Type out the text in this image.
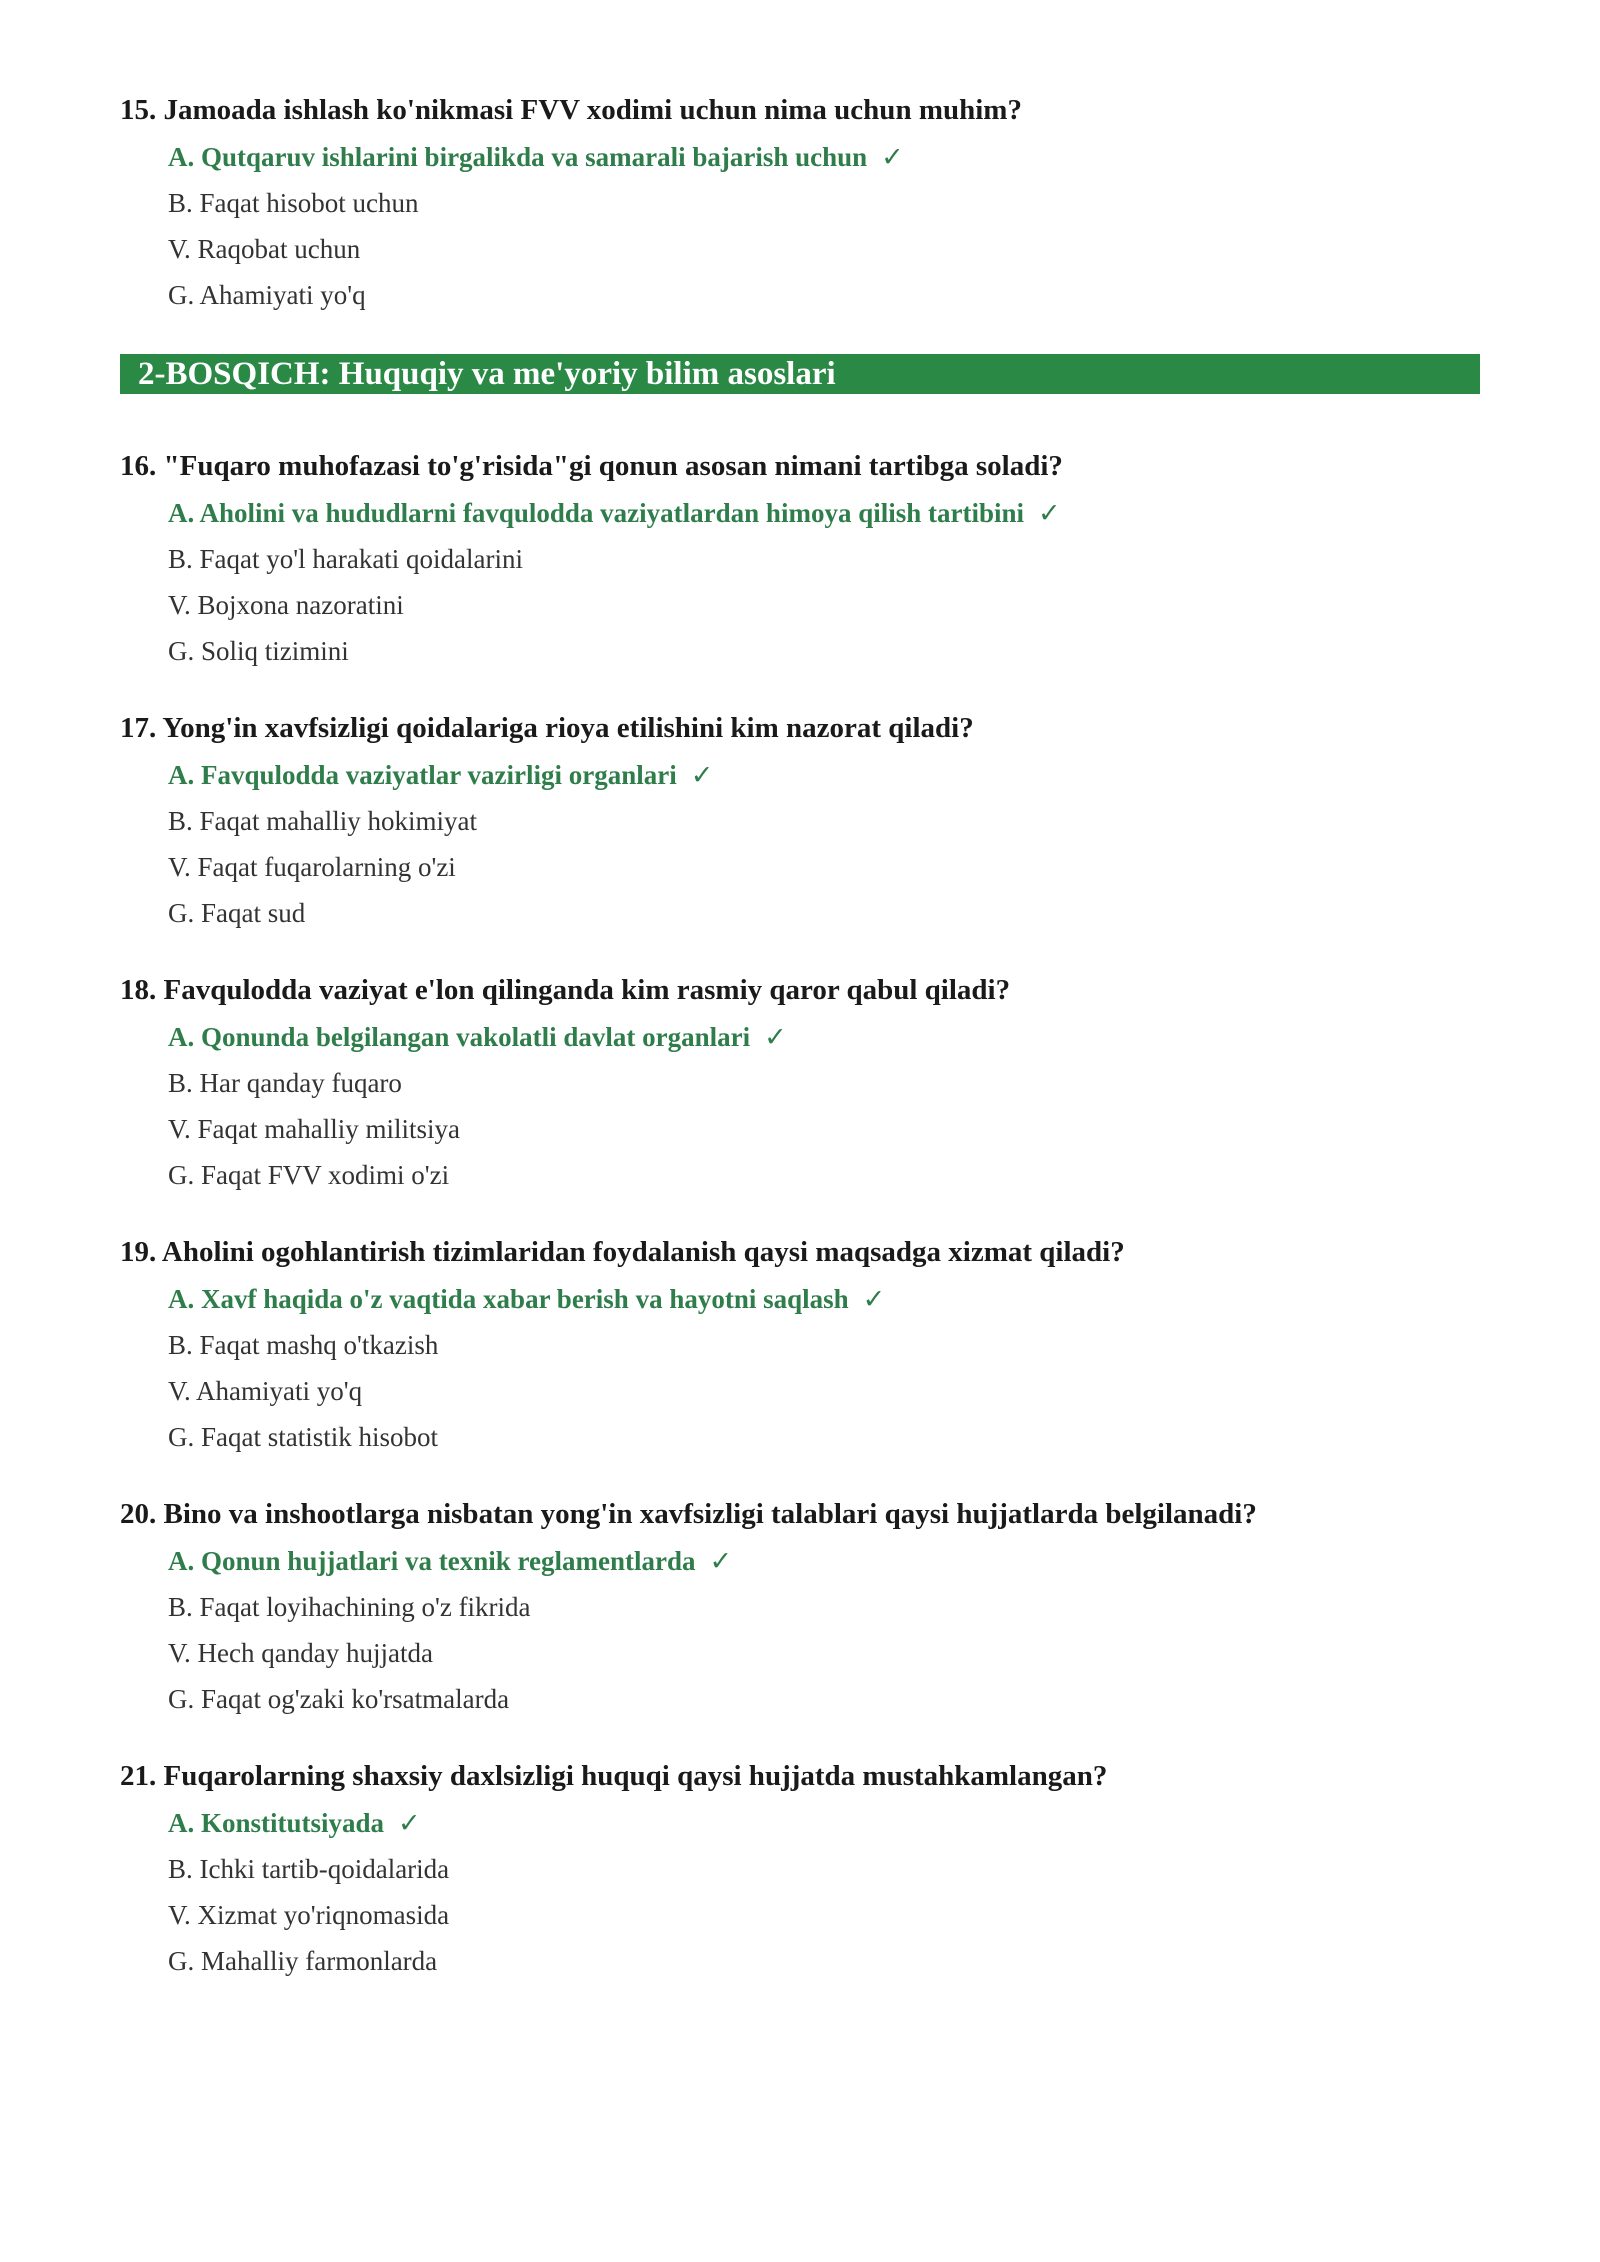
15. Jamoada ishlash ko'nikmasi FVV xodimi uchun nima uchun muhim?
A. Qutqaruv ishlarini birgalikda va samarali bajarish uchun ✓
B. Faqat hisobot uchun
V. Raqobat uchun
G. Ahamiyati yo'q
2-BOSQICH: Huquqiy va me'yoriy bilim asoslari
16. "Fuqaro muhofazasi to'g'risida"gi qonun asosan nimani tartibga soladi?
A. Aholini va hududlarni favqulodda vaziyatlardan himoya qilish tartibini ✓
B. Faqat yo'l harakati qoidalarini
V. Bojxona nazoratini
G. Soliq tizimini
17. Yong'in xavfsizligi qoidalariga rioya etilishini kim nazorat qiladi?
A. Favqulodda vaziyatlar vazirligi organlari ✓
B. Faqat mahalliy hokimiyat
V. Faqat fuqarolarning o'zi
G. Faqat sud
18. Favqulodda vaziyat e'lon qilinganda kim rasmiy qaror qabul qiladi?
A. Qonunda belgilangan vakolatli davlat organlari ✓
B. Har qanday fuqaro
V. Faqat mahalliy militsiya
G. Faqat FVV xodimi o'zi
19. Aholini ogohlantirish tizimlaridan foydalanish qaysi maqsadga xizmat qiladi?
A. Xavf haqida o'z vaqtida xabar berish va hayotni saqlash ✓
B. Faqat mashq o'tkazish
V. Ahamiyati yo'q
G. Faqat statistik hisobot
20. Bino va inshootlarga nisbatan yong'in xavfsizligi talablari qaysi hujjatlarda belgilanadi?
A. Qonun hujjatlari va texnik reglamentlarda ✓
B. Faqat loyihachining o'z fikrida
V. Hech qanday hujjatda
G. Faqat og'zaki ko'rsatmalarda
21. Fuqarolarning shaxsiy daxlsizligi huquqi qaysi hujjatda mustahkamlangan?
A. Konstitutsiyada ✓
B. Ichki tartib-qoidalarida
V. Xizmat yo'riqnomasida
G. Mahalliy farmonlarda
